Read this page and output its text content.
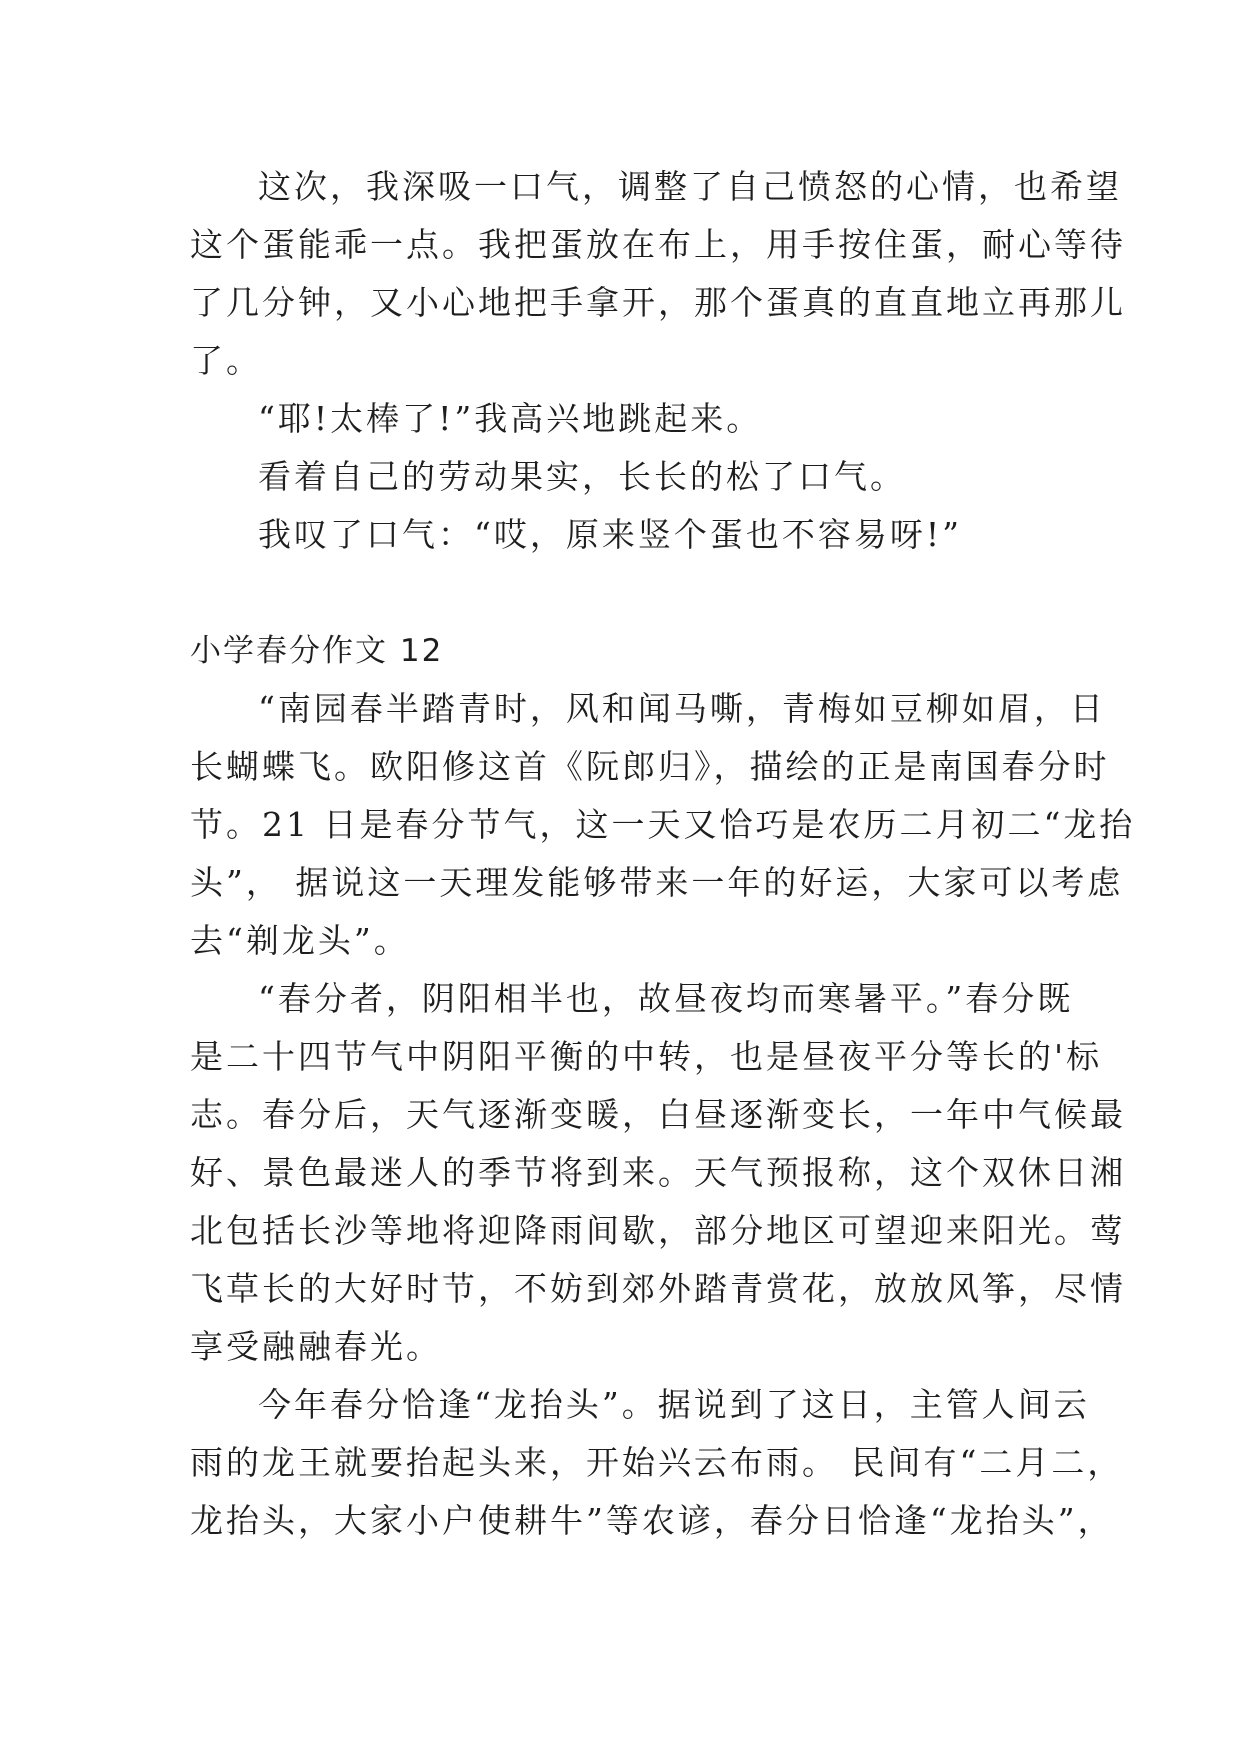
这次，我深吸一口气，调整了自己愤怒的心情，也希望
这个蛋能乖一点。我把蛋放在布上，用手按住蛋，耐心等待
了几分钟，又小心地把手拿开，那个蛋真的直直地立再那儿
了。
“耶!太棒了!”我高兴地跳起来。
看着自己的劳动果实，长长的松了口气。
我叹了口气：“哎，原来竖个蛋也不容易呀!”
小学春分作文 12
“南园春半踏青时，风和闻马嘶，青梅如豆柳如眉，日
长蝴蝶飞。欧阳修这首《阮郎归》，描绘的正是南国春分时
节。21 日是春分节气，这一天又恰巧是农历二月初二“龙抬
头”， 据说这一天理发能够带来一年的好运，大家可以考虑
去“剃龙头”。
“春分者，阴阳相半也，故昼夜均而寒暑平。”春分既
是二十四节气中阴阳平衡的中转，也是昼夜平分等长的'标
志。春分后，天气逐渐变暖，白昼逐渐变长，一年中气候最
好、景色最迷人的季节将到来。天气预报称，这个双休日湘
北包括长沙等地将迎降雨间歇，部分地区可望迎来阳光。莺
飞草长的大好时节，不妨到郊外踏青赏花，放放风筝，尽情
享受融融春光。
今年春分恰逢“龙抬头”。据说到了这日，主管人间云
雨的龙王就要抬起头来，开始兴云布雨。 民间有“二月二，
龙抬头，大家小户使耕牛”等农谚，春分日恰逢“龙抬头”，
